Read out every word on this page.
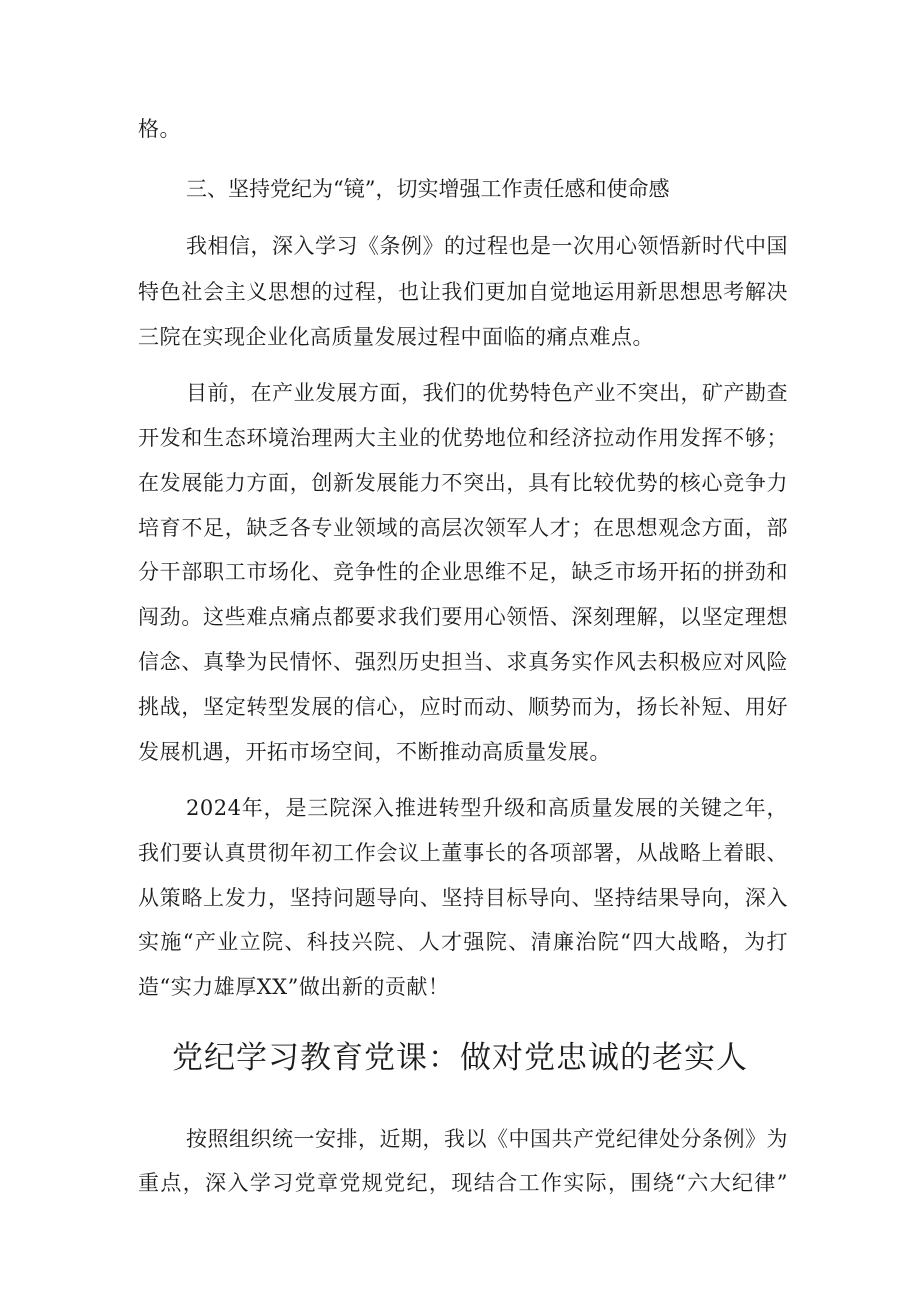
格。
三、坚持党纪为“镜”，切实增强工作责任感和使命感
我相信，深入学习《条例》的过程也是一次用心领悟新时代中国
特色社会主义思想的过程，也让我们更加自觉地运用新思想思考解决
三院在实现企业化高质量发展过程中面临的痛点难点。
目前，在产业发展方面，我们的优势特色产业不突出，矿产勘查
开发和生态环境治理两大主业的优势地位和经济拉动作用发挥不够；
在发展能力方面，创新发展能力不突出，具有比较优势的核心竞争力
培育不足，缺乏各专业领域的高层次领军人才；在思想观念方面，部
分干部职工市场化、竞争性的企业思维不足，缺乏市场开拓的拼劲和
闯劲。这些难点痛点都要求我们要用心领悟、深刻理解，以坚定理想
信念、真挚为民情怀、强烈历史担当、求真务实作风去积极应对风险
挑战，坚定转型发展的信心，应时而动、顺势而为，扬长补短、用好
发展机遇，开拓市场空间，不断推动高质量发展。
2024年，是三院深入推进转型升级和高质量发展的关键之年，
我们要认真贯彻年初工作会议上董事长的各项部署，从战略上着眼、
从策略上发力，坚持问题导向、坚持目标导向、坚持结果导向，深入
实施“产业立院、科技兴院、人才强院、清廉治院“四大战略，为打
造“实力雄厚XX”做出新的贡献！
党纪学习教育党课：做对党忠诚的老实人
按照组织统一安排，近期，我以《中国共产党纪律处分条例》为
重点，深入学习党章党规党纪，现结合工作实际，围绕“六大纪律”
